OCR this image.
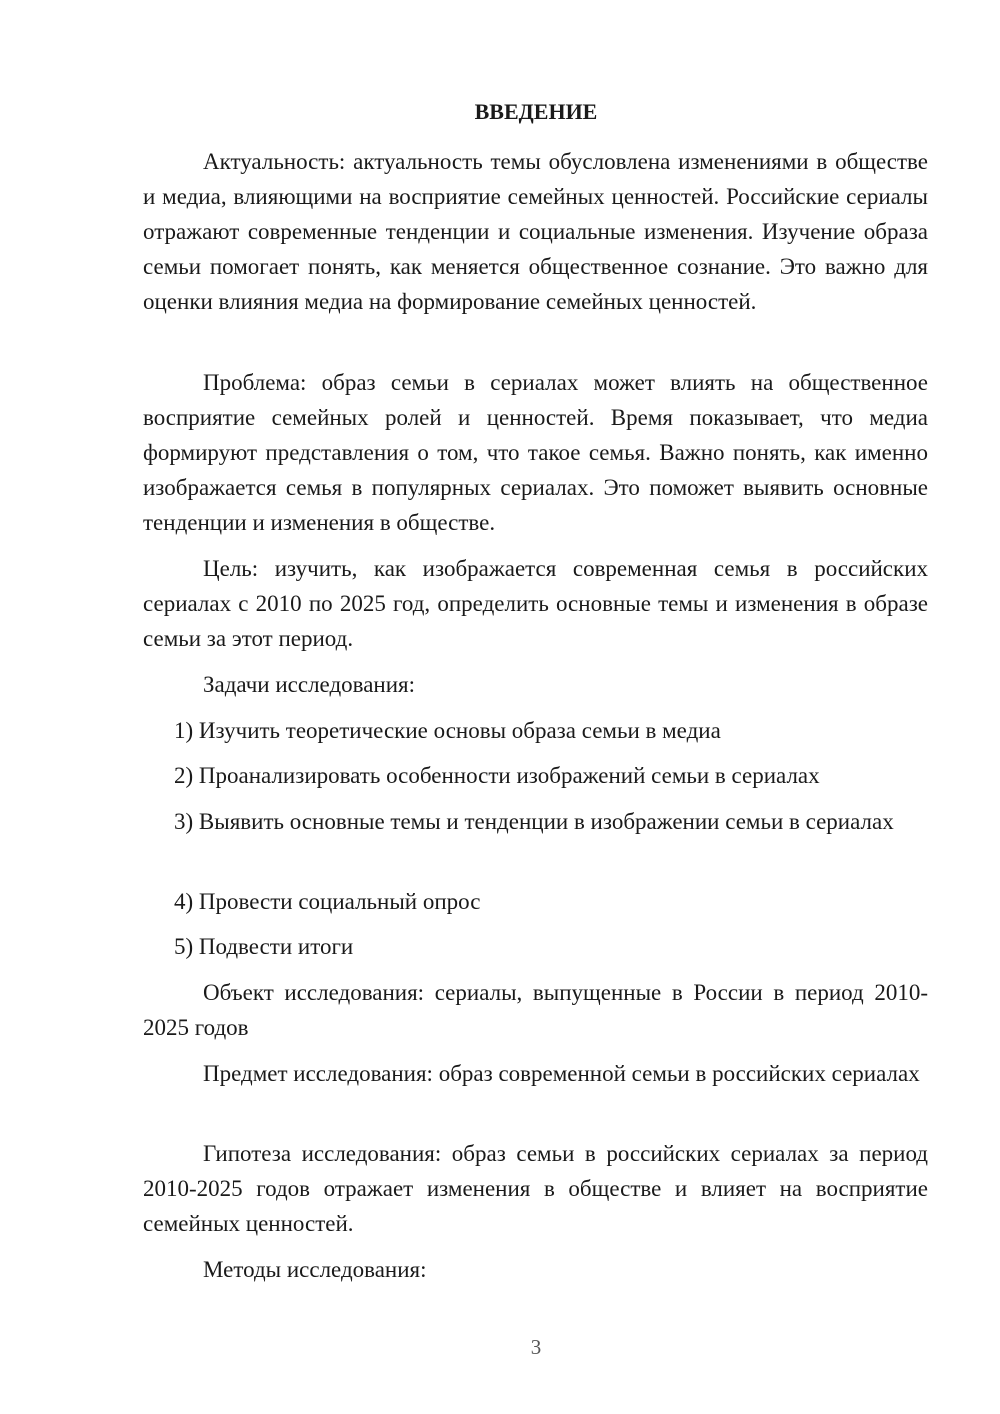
ВВЕДЕНИЕ

Актуальность: актуальность темы обусловлена изменениями в обществе и медиа, влияющими на восприятие семейных ценностей. Российские сериалы отражают современные тенденции и социальные изменения. Изучение образа семьи помогает понять, как меняется общественное сознание. Это важно для оценки влияния медиа на формирование семейных ценностей.

Проблема: образ семьи в сериалах может влиять на общественное восприятие семейных ролей и ценностей. Время показывает, что медиа формируют представления о том, что такое семья. Важно понять, как именно изображается семья в популярных сериалах. Это поможет выявить основные тенденции и изменения в обществе.

Цель: изучить, как изображается современная семья в российских сериалах с 2010 по 2025 год, определить основные темы и изменения в образе семьи за этот период.

Задачи исследования:

1) Изучить теоретические основы образа семьи в медиа

2) Проанализировать особенности изображений семьи в сериалах

3) Выявить основные темы и тенденции в изображении семьи в сериалах

4) Провести социальный опрос

5) Подвести итоги

Объект исследования: сериалы, выпущенные в России в период 2010-2025 годов

Предмет исследования: образ современной семьи в российских сериалах

Гипотеза исследования: образ семьи в российских сериалах за период 2010-2025 годов отражает изменения в обществе и влияет на восприятие семейных ценностей.

Методы исследования:

3
